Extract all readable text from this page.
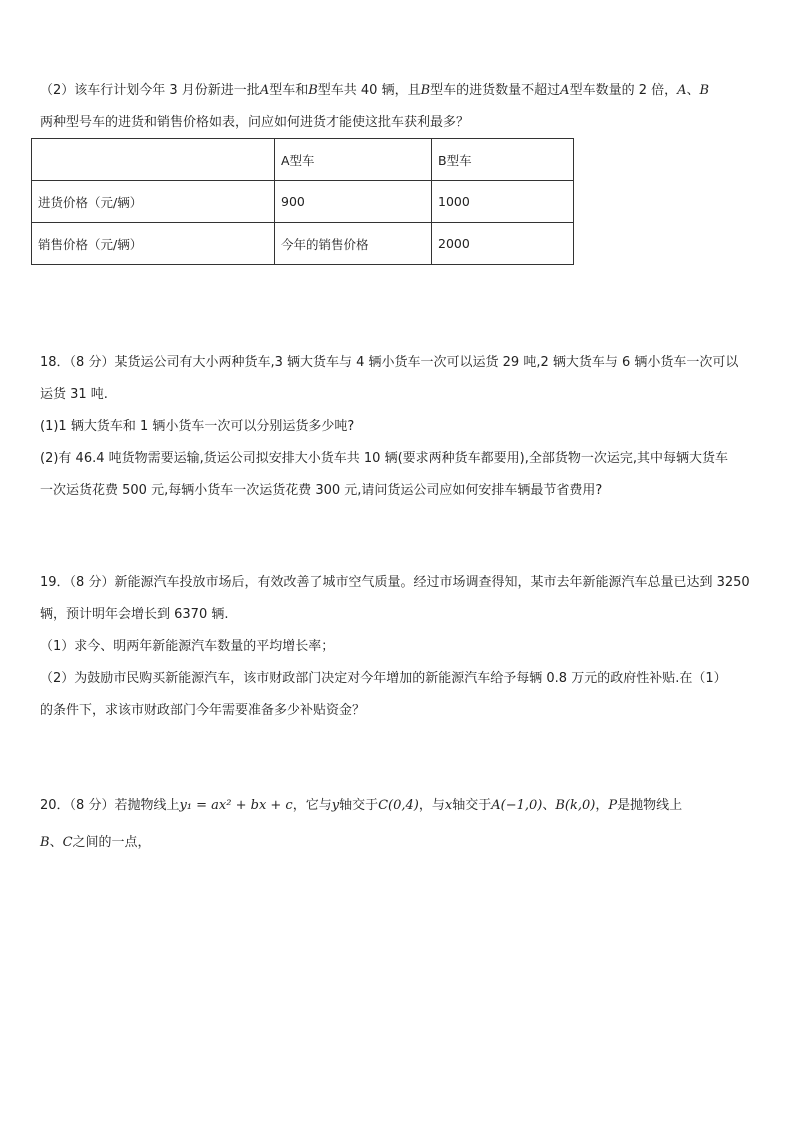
（2）该车行计划今年 3 月份新进一批A型车和B型车共 40 辆，且B型车的进货数量不超过A型车数量的 2 倍，A、B
两种型号车的进货和销售价格如表，问应如何进货才能使这批车获利最多？
	A型车	B型车
进货价格（元/辆）	900	1000
销售价格（元/辆）	今年的销售价格	2000
18．（8 分）某货运公司有大小两种货车,3 辆大货车与 4 辆小货车一次可以运货 29 吨,2 辆大货车与 6 辆小货车一次可以
运货 31 吨.
(1)1 辆大货车和 1 辆小货车一次可以分别运货多少吨?
(2)有 46.4 吨货物需要运输,货运公司拟安排大小货车共 10 辆(要求两种货车都要用),全部货物一次运完,其中每辆大货车
一次运货花费 500 元,每辆小货车一次运货花费 300 元,请问货运公司应如何安排车辆最节省费用?
19．（8 分）新能源汽车投放市场后，有效改善了城市空气质量。经过市场调查得知，某市去年新能源汽车总量已达到 3250
辆，预计明年会增长到 6370 辆.
（1）求今、明两年新能源汽车数量的平均增长率；
（2）为鼓励市民购买新能源汽车，该市财政部门决定对今年增加的新能源汽车给予每辆 0.8 万元的政府性补贴.在（1）
的条件下，求该市财政部门今年需要准备多少补贴资金？
20．（8 分）若抛物线上y₁ = ax² + bx + c，它与y轴交于C(0,4)，与x轴交于A(−1,0)、B(k,0)，P是抛物线上
B、C之间的一点，
